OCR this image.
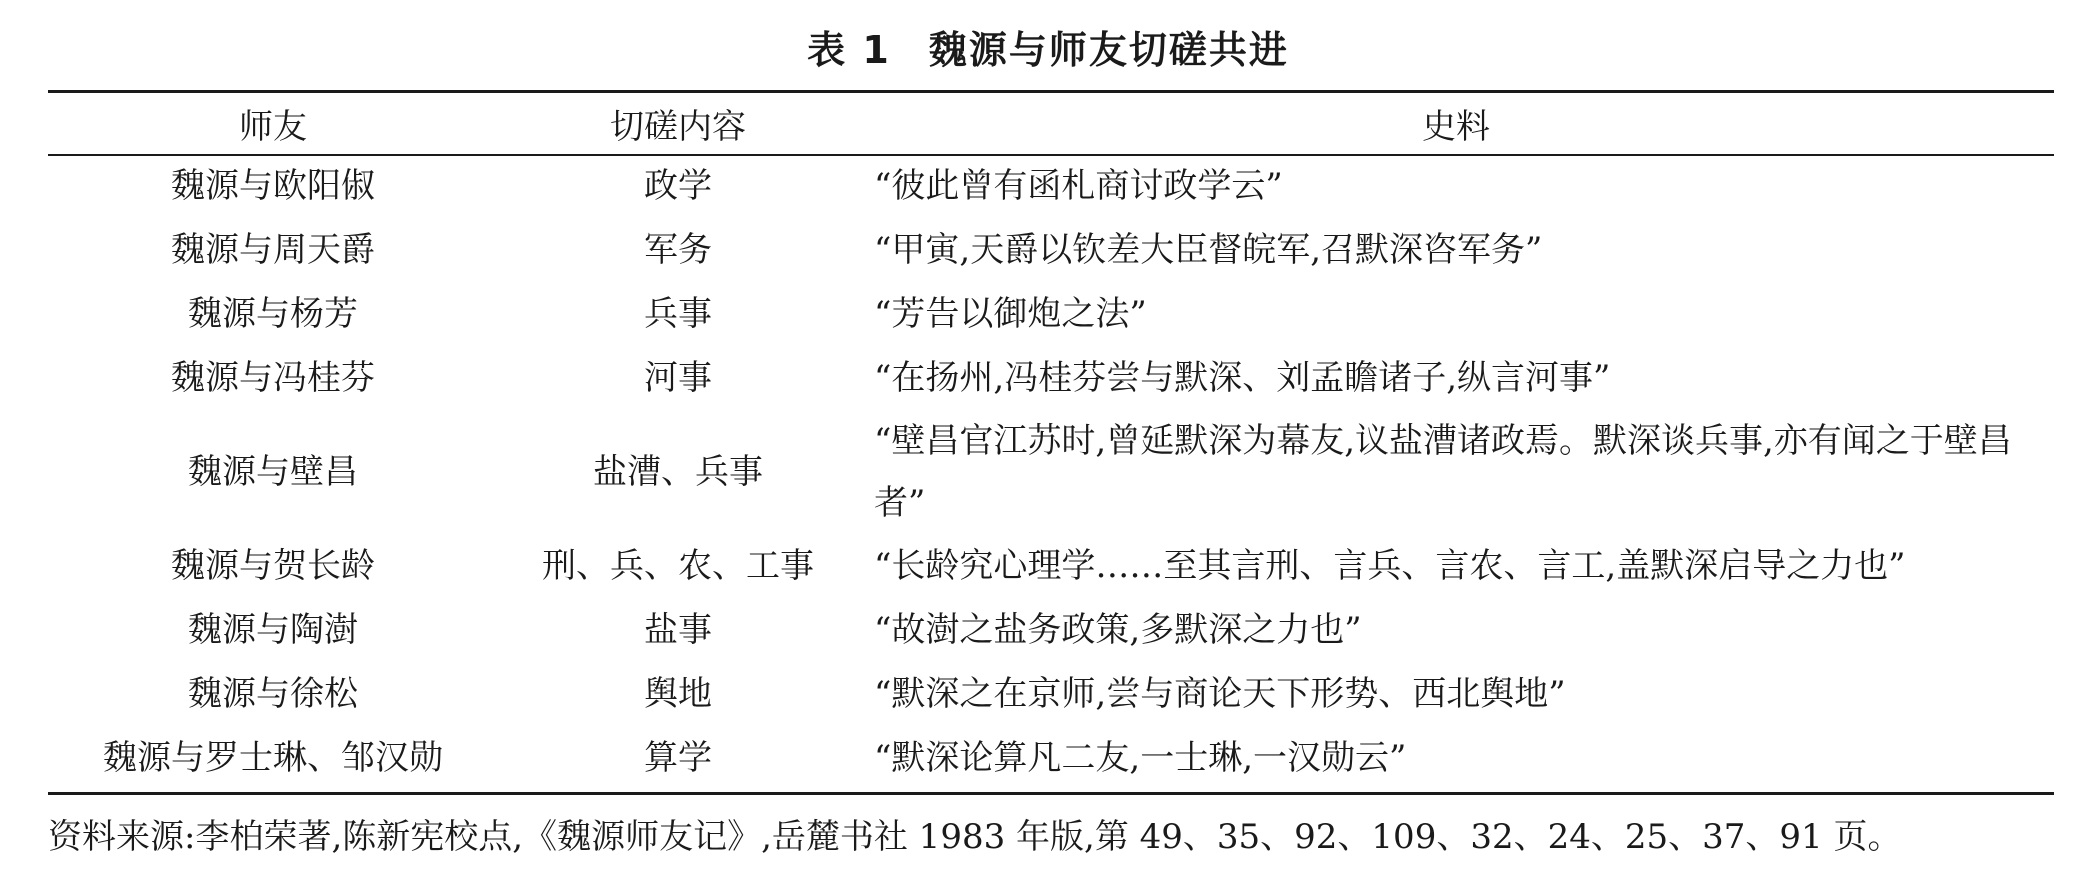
表 1 魏源与师友切磋共进
师友	切磋内容	史料
魏源与欧阳俶	政学	“彼此曾有函札商讨政学云”
魏源与周天爵	军务	“甲寅,天爵以钦差大臣督皖军,召默深咨军务”
魏源与杨芳	兵事	“芳告以御炮之法”
魏源与冯桂芬	河事	“在扬州,冯桂芬尝与默深、刘孟瞻诸子,纵言河事”
魏源与壁昌	盐漕、兵事	“壁昌官江苏时,曾延默深为幕友,议盐漕诸政焉。默深谈兵事,亦有闻之于壁昌者”
魏源与贺长龄	刑、兵、农、工事	“长龄究心理学……至其言刑、言兵、言农、言工,盖默深启导之力也”
魏源与陶澍	盐事	“故澍之盐务政策,多默深之力也”
魏源与徐松	舆地	“默深之在京师,尝与商论天下形势、西北舆地”
魏源与罗士琳、邹汉勋	算学	“默深论算凡二友,一士琳,一汉勋云”
资料来源:李柏荣著,陈新宪校点,《魏源师友记》,岳麓书社 1983 年版,第 49、35、92、109、32、24、25、37、91 页。
